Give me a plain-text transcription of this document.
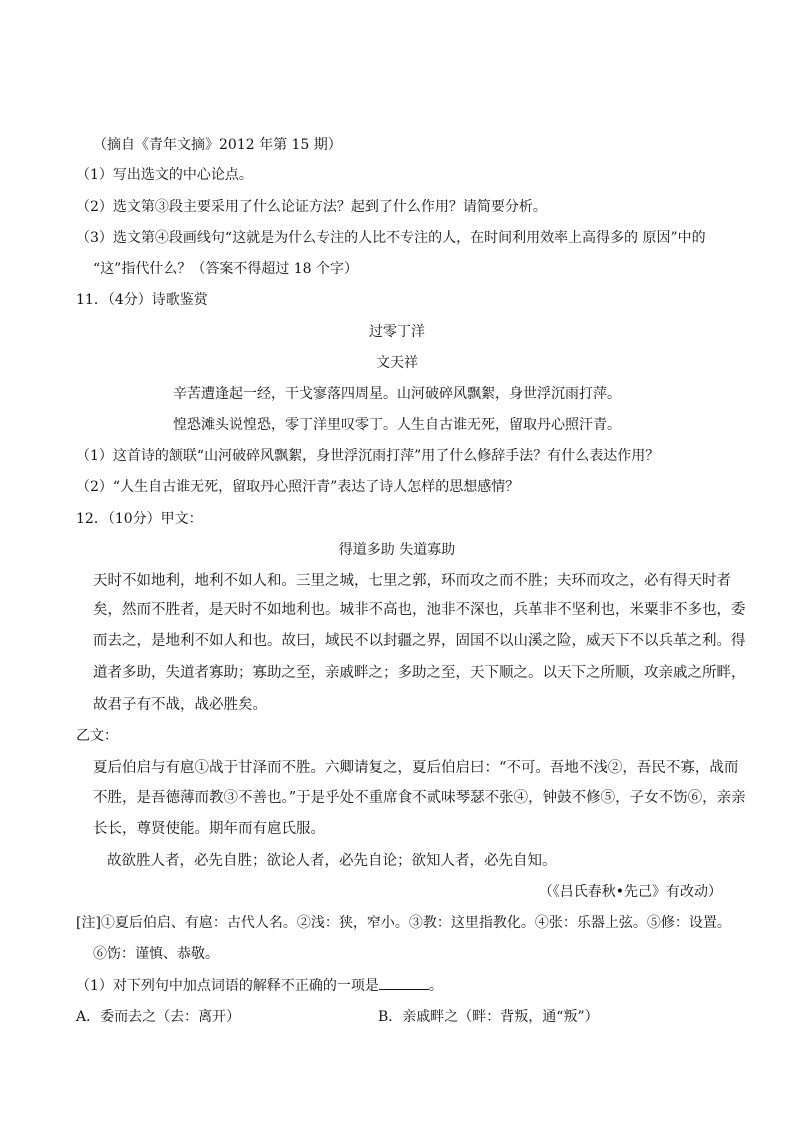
（摘自《青年文摘》2012 年第 15 期）
（1）写出选文的中心论点。
（2）选文第③段主要采用了什么论证方法？起到了什么作用？请简要分析。
（3）选文第④段画线句“这就是为什么专注的人比不专注的人，在时间利用效率上高得多的 原因”中的
“这”指代什么？（答案不得超过 18 个字）
11．（4分）诗歌鉴赏
过零丁洋
文天祥
辛苦遭逢起一经，干戈寥落四周星。山河破碎风飘絮，身世浮沉雨打萍。
惶恐滩头说惶恐，零丁洋里叹零丁。人生自古谁无死，留取丹心照汗青。
（1）这首诗的颔联“山河破碎风飘絮，身世浮沉雨打萍”用了什么修辞手法？有什么表达作用？
（2）“人生自古谁无死，留取丹心照汗青”表达了诗人怎样的思想感情？
12．（10分）甲文：
得道多助 失道寡助
天时不如地利，地利不如人和。三里之城，七里之郭，环而攻之而不胜；夫环而攻之，必有得天时者
矣，然而不胜者，是天时不如地利也。城非不高也，池非不深也，兵革非不坚利也，米粟非不多也，委
而去之，是地利不如人和也。故曰，域民不以封疆之界，固国不以山溪之险，威天下不以兵革之利。得
道者多助，失道者寡助；寡助之至，亲戚畔之；多助之至，天下顺之。以天下之所顺，攻亲戚之所畔，
故君子有不战，战必胜矣。
乙文：
夏后伯启与有扈①战于甘泽而不胜。六卿请复之，夏后伯启曰：“不可。吾地不浅②，吾民不寡，战而
不胜，是吾德薄而教③不善也。”于是乎处不重席食不贰味琴瑟不张④，钟鼓不修⑤，子女不饬⑥，亲亲
长长，尊贤使能。期年而有扈氏服。
故欲胜人者，必先自胜；欲论人者，必先自论；欲知人者，必先自知。
（《吕氏春秋•先己》有改动）
[注]①夏后伯启、有扈：古代人名。②浅：狭，窄小。③教：这里指教化。④张：乐器上弦。⑤修：设置。
⑥饬：谨慎、恭敬。
（1）对下列句中加点词语的解释不正确的一项是	。
A．委而去之（去：离开）	B．亲戚畔之（畔：背叛，通“叛”）
